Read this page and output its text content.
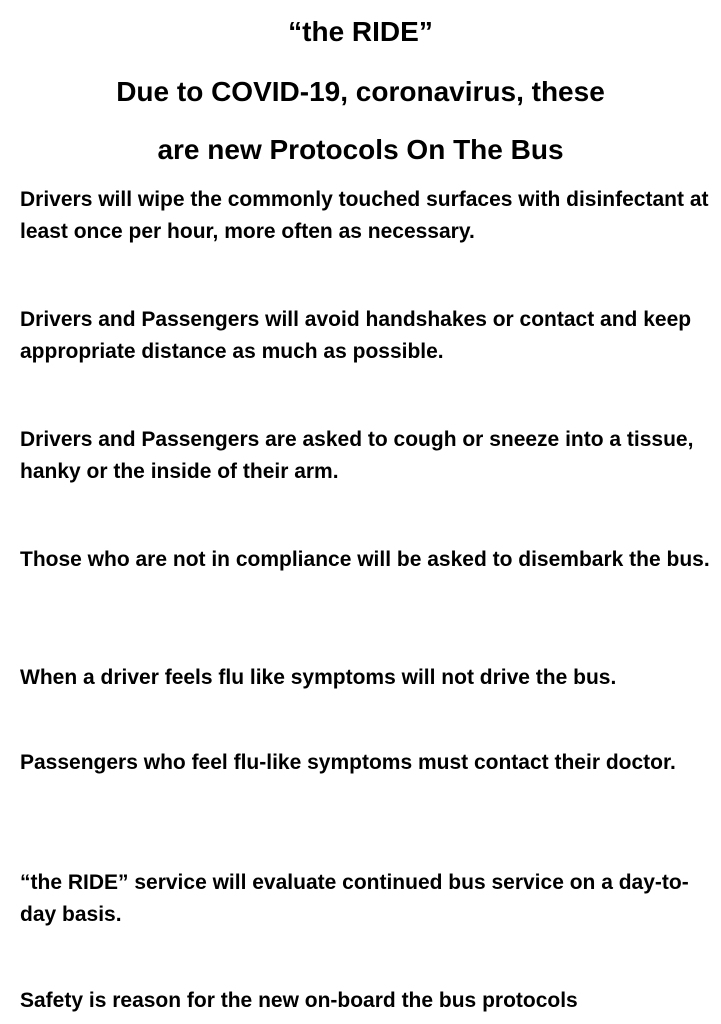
“the RIDE”
Due to COVID-19, coronavirus, these
are new Protocols On The Bus

Drivers will wipe the commonly touched surfaces with disinfectant at least once per hour, more often as necessary.

Drivers and Passengers will avoid handshakes or contact and keep appropriate distance as much as possible.

Drivers and Passengers are asked to cough or sneeze into a tissue, hanky or the inside of their arm.

Those who are not in compliance will be asked to disembark the bus.

When a driver feels flu like symptoms will not drive the bus.

Passengers who feel flu-like symptoms must contact their doctor.

“the RIDE” service will evaluate continued bus service on a day-to-day basis.

Safety is reason for the new on-board the bus protocols
